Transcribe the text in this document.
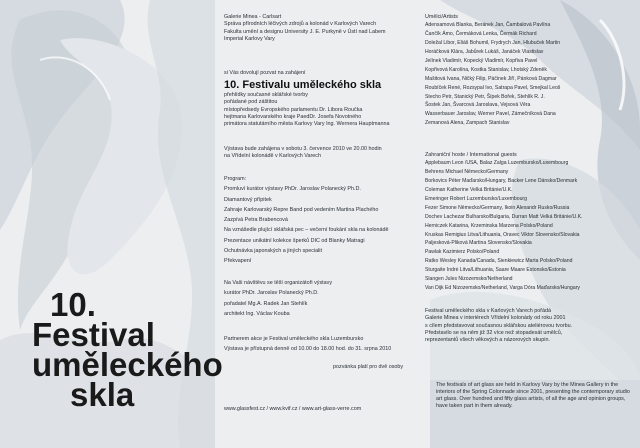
10.
Festival
uměleckého
skla
Galerie Minea - Carlsart
Správa přírodních léčivých zdrojů a kolonád v Karlových Varech
Fakulta umění a designu University J. E. Purkyně v Ústí nad Labem
Imperial Karlovy Vary
si Vás dovolují pozvat na zahájení
10. Festivalu uměleckého skla
přehlídky současné sklářské tvorby
pořádané pod záštitou
místopředsedy Evropského parlamentu Dr. Libora Roučka
hejtmana Karlovarského kraje PaedDr. Josefa Novotného
primátora statutárního města Karlovy Vary Ing. Wernera Hauptmanna
Výstava bude zahájena v sobotu 3. července 2010 ve 20.00 hodin
na Vřídelní kolonádě v Karlových Varech
Program:
Promluví kurátor výstavy PhDr. Jaroslav Polanecký Ph.D.
Diamantový přípitek
Zahraje Karlovarský Repre Band pod vedením Martina Plachého
Zazpívá Petra Brabencová
Na vznášedle plující sklářská pec – večerní foukání skla na kolonádě
Prezentace unikátní kolekce šperků DIC od Blanky Matragi
Ochutnávka japonských a jiných specialit
Překvapení
Na Vaši návštěvu se těší organizátoři výstavy
kurátor PhDr. Jaroslav Polanecký Ph.D.
pořadatel Mg.A. Radek Jan Stehlík
architekt Ing. Václav Kouba
Partnerem akce je Festival uměleckého skla Luzembursko
Výstava je přístupná denně od 10.00 do 18.00 hod. do 31. srpna 2010
pozvánka platí pro dvě osoby
www.glassfest.cz / www.kvif.cz / www.art-glass-verre.com
Umělci/Artists
Adensamová Blanka, Beránek Jan, Čambalová Pavlína
Čančík Ámo, Čermáková Lenka, Čermák Richard
Doležal Libor, Eliáš Bohumil, Frydrych Jan, Hlubuček Martin
Horáčková Klára, Jabůrek Lukáš, Janáček Vlastislav
Jelínek Vladimír, Kopecký Vladimír, Kopřiva Pavel
Kopřivová Karolína, Kostka Stanislav, Lhotský Zdeněk
Mašitová Ivana, Ničký Filip, Páčinek Jiří, Pánková Dagmar
Roubíček René, Rozsypal Ivo, Satrapa Pavel, Smejkal Leoš
Stecho Petr, Stanický Petr, Šípek Bořek, Stehlík R. J.
Šostek Jan, Švarcová Jaroslava, Vejsová Věra
Wasserbauer Jaroslav, Werner Pavel, Zámečníková Dana
Zemanová Alena, Zampach Stanislav
Zahraniční hoste / International guests
Applebaum Leon /USA, Balaz Zalga Luzembursko/Luxembourg
Behrens Michael Německo/Germany
Borkovics Péter Maďarsko/Hungary, Backer Lene Dánsko/Denmark
Coleman Katherine Velká Británie/U.K.
Emeringer Robert Luzembursko/Luxembourg
Fezer Simone Německo/Germany, Ikoin Alexandr Rusko/Russia
Dochev Lachezar Bulharsko/Bulgaria, Durran Matt Velká Británie/U.K.
Herniczek Katarina, Krzeminska Marzena Polsko/Poland
Kruskas Remigius Litva/Lithuania, Oravec Viktor Slovensko/Slovakia
Paljesková-Pliková Martina Slovensko/Slovakia
Pawlak Kazimierz Polsko/Poland
Ratko Wesley Kanada/Canada, Sienkiewicz Marta Polsko/Poland
Sturgaite Indrė Litva/Lithuania, Saare Maare Estonsko/Estonia
Slangen Jules Nizozemsko/Netherland
Van Dijk Ed Nizozemsko/Netherland, Varga Dóra Maďarsko/Hungary
Festival uměleckého skla v Karlových Varech pořádá
Galerie Minea v interiérech Vřídelní kolonády od roku 2001
s cílem představovat současnou sklářskou ateliérovou tvorbu.
Představilo se na něm již 32 více než stopadesát umělců,
reprezentantů všech věkových a názorových skupin.
The festivals of art glass are held in Karlovy Vary by the Minea Gallery in the interiors of the Spring Colonnade since 2001, presenting the contemporary studio art glass. Over hundred and fifty glass artists, of all the age and opinion groups, have taken part in them already.
